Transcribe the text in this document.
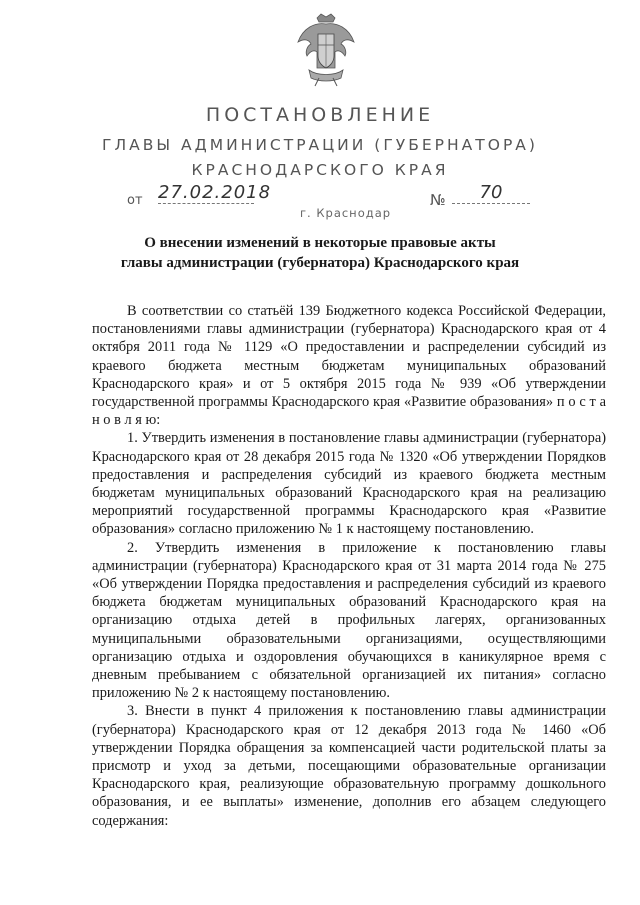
ПОСТАНОВЛЕНИЕ
ГЛАВЫ АДМИНИСТРАЦИИ (ГУБЕРНАТОРА)
КРАСНОДАРСКОГО КРАЯ
от 27.02.2018	№	70
г. Краснодар
О внесении изменений в некоторые правовые акты
главы администрации (губернатора) Краснодарского края

В соответствии со статьёй 139 Бюджетного кодекса Российской Федерации, постановлениями главы администрации (губернатора) Краснодарского края от 4 октября 2011 года № 1129 «О предоставлении и распределении субсидий из краевого бюджета местным бюджетам муниципальных образований Краснодарского края» и от 5 октября 2015 года № 939 «Об утверждении государственной программы Краснодарского края «Развитие образования» п о с т а н о в л я ю:

1. Утвердить изменения в постановление главы администрации (губернатора) Краснодарского края от 28 декабря 2015 года № 1320 «Об утверждении Порядков предоставления и распределения субсидий из краевого бюджета местным бюджетам муниципальных образований Краснодарского края на реализацию мероприятий государственной программы Краснодарского края «Развитие образования» согласно приложению № 1 к настоящему постановлению.

2. Утвердить изменения в приложение к постановлению главы администрации (губернатора) Краснодарского края от 31 марта 2014 года № 275 «Об утверждении Порядка предоставления и распределения субсидий из краевого бюджета бюджетам муниципальных образований Краснодарского края на организацию отдыха детей в профильных лагерях, организованных муниципальными образовательными организациями, осуществляющими организацию отдыха и оздоровления обучающихся в каникулярное время с дневным пребыванием с обязательной организацией их питания» согласно приложению № 2 к настоящему постановлению.

3. Внести в пункт 4 приложения к постановлению главы администрации (губернатора) Краснодарского края от 12 декабря 2013 года № 1460 «Об утверждении Порядка обращения за компенсацией части родительской платы за присмотр и уход за детьми, посещающими образовательные организации Краснодарского края, реализующие образовательную программу дошкольного образования, и ее выплаты» изменение, дополнив его абзацем следующего содержания:
